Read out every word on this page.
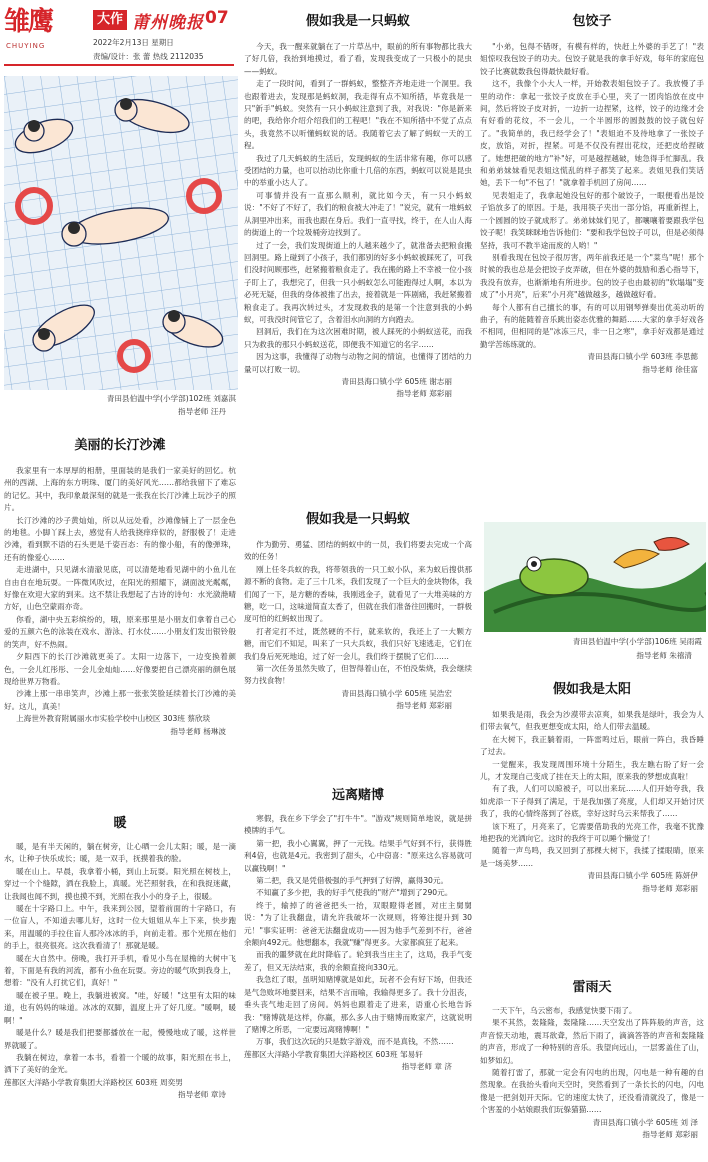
雏鹰
CHUYING
大作 莆州晚报 07
2022年2月13日 星期日
责编/设计：张 蕾 热线 2112035
青田县伯温中学(小学部)102班 刘嘉淇
指导老师 汪丹
美丽的长汀沙滩

我家里有一本厚厚的相册，里面装的是我们一家美好的回忆。杭州的西湖、上海的东方明珠、厦门的美好风光……都给我留下了难忘的记忆。其中，我印象最深刻的就是一张我在长汀沙滩上玩沙子的照片。

长汀沙滩的沙子黄灿灿，所以从远处看，沙滩像铺上了一层金色的地毯。小脚丫踩上去，感觉有人给我挠痒痒似的，舒服极了！走进沙滩，看到默不语的石头更是千姿百态：有的像小船，有的像弹珠，还有的像爱心……

走进湖中，只见湖水清澈见底，可以清楚地看见湖中的小鱼儿在自由自在地玩耍。一阵微风吹过，在阳光的照耀下，湖面波光粼粼，好像在欢迎大家的到来。这不禁让我想起了古诗的诗句：水光潋滟晴方好，山色空蒙雨亦奇。

你看，湖中央五彩缤纷的，哦，原来那里是小朋友们拿着自己心爱的五颜六色的泳装在戏水、游泳、打水仗……小朋友们发出银铃般的笑声，好不热闹。

夕阳西下的长汀沙滩就更美了。太阳一边落下，一边变换着颜色，一会儿红彤彤、一会儿金灿灿……好像要把自己漂亮丽的颜色展现给世界万物看。

沙滩上那一串串笑声，沙滩上那一张张笑脸延续着长汀沙滩的美好。这儿，真美！

上海世外教育附属丽水市实验学校中山校区 303班 蔡欣琰

指导老师 杨琳波

暖

暖，是有半天闲的，躺在树旁，让心晒一会儿太阳；暖，是一滴水，让种子快乐成长；暖，是一双手，抚摸着我的脸。

暖在山上。早晨，我拿着小桶，到山上玩耍。阳光照在树枝上，穿过一个个缝隙，洒在我脸上，真暖。光芒照射我，在和我捉迷藏，让我闻也闻不到，摸也摸不到，光照在我小小的身子上，很暖。

暖在十字路口上。中午，我来到公园，望着前面的十字路口，有一位盲人，不知道去哪儿好，这时一位大姐姐从车上下来，快步跑来，用温暖的手拉住盲人那冷冰冰的手，向前走着。那个光照在他们的手上，很亮很亮。这次我看清了！那就是暖。

暖在大自然中。傍晚，我打开手机，看见小鸟在屋檐的大树中飞着，下面是有我的河流，都有小鱼在玩耍。旁边的暖气吹到我身上，想着："没有人打扰它们，真好！"

暖在被子里。晚上，我躺进被窝。"哇，好暖！"这里有太阳的味道，也有妈妈的味道。冰冰的双脚，温度上升了好几度。"暖啊，暖啊！"

暖是什么？暖是我们把要都播放在一起，慢慢地成了暖，这样世界就暖了。

我躺在树边，拿着一本书，看着一个暖的故事，阳光照在书上，洒下了美好的金光。

莲都区大洋路小学教育集团大洋路校区 603班 周奕男

指导老师 章诗

假如我是一只蚂蚁

今天，我一醒来就躺在了一片草丛中，眼前的所有事物都比我大了好几倍，我抬到地摸过，看了看，发现我变成了一只极小的昆虫——蚂蚁。

走了一段时间，看到了一群蚂蚁，整整齐齐地走进一个洞里。我也跟着进去，发现那是蚂蚁洞，我走得有点不知所措，毕竟我是一只"新手"蚂蚁。突然有一只小蚂蚁注意到了我，对我说："你是新来的吧，我给你介绍介绍我们的工程吧！"我在不知所措中不觉了点点头，我竟然不以听懂蚂蚁说的话。我随着它去了解了蚂蚁一天的工程。

我过了几天蚂蚁的生活后，发现蚂蚁的生活非常有趣，你可以感受团结的力量，也可以抬动比你重十几倍的东西，蚂蚁可以说是昆虫中的举重小达人了。

可事情并没有一直那么顺利，就比如今天，有一只小蚂蚁说："不好了不好了，我们的粮食被大冲走了！"说完，就有一堆蚂蚁从洞里冲出来，而我也跟在身后。我们一直寻找，终于，在人山人海的街道上的一个垃圾桶旁边找到了。

过了一会，我们发现街道上的人越来越少了，就准备去把粮食搬回洞里。路上碰到了小孩子，我们都别的好多小蚂蚁被踩死了，可我们没时间顾那些，赶紧搬着粮食走了。我在搬的路上不幸被一位小孩子盯上了，我想完了，但我一只小蚂蚁怎么可能跑得过人啊，本以为必死无疑，但我的身体被推了出去，接着就是一阵剧痛，我赶紧搬着粮食走了。我再次转过头，才发现救我的是第一个注意到我的小蚂蚁，可我没时间管它了，含着泪水向洞的方向跑去。

回洞后，我们在为这次困难时期，被人踩死的小蚂蚁送花，而我只为救我的那只小蚂蚁送花，即便我不知道它的名字……

因为这事，我懂得了动物与动物之间的情谊，也懂得了团结的力量可以打败一切。

青田县海口镇小学 605班 谢志丽

指导老师 郑彩丽

假如我是一只蚂蚁

作为勤劳、勇猛、团结的蚂蚁中的一员，我们将要去完成一个高效的任务！

刚上任冬兵蚁的我，将带领我的一只工蚁小队，来为蚁后搜供那源不断的食物。走了三十几米，我们发现了一个巨大的金块物体，我们闻了一下，是方糖的香味，我刚逃金子，就看见了一大堆美味的方糖，吃一口，这味道简直太香了，但就在我们准备往回搬时，一群极度可怕的红蚂蚁出现了。

打者定打不过，既然硬的不行，就来软的，我还上了一大颗方糖，而它们不知足，叫来了一只大兵蚁，我们只好飞速逃走，它们在我们身后死死地追，过了好一会儿，我们终于摆脱了它们……

第一次任务虽然失败了，但智得着山在，不怕没柴烧，我会继续努力找食物！

青田县海口镇小学 605班 吴浩宏

指导老师 郑彩丽

远离赌博

寒假，我在乡下学会了"打牛牛"。"游戏"规则简单地说，就是拼模牌的手气。

第一把，我小心翼翼，押了一元钱。结果手气好到不行，获得胜利4倍，也就是4元。我密到了甜头，心中窃喜："原来这么容易就可以赢钱啊！"

第二把，我又是凭借极强的手气押到了好牌，赢得30元。

不知赢了多少把，我的好手气使我的"财产"增到了290元。

终于，输掉了的爸爸把头一抬，双眼瞪得老圆，对庄主舅舅说："为了让我翻盘，请允许我破坏一次规则，将筹注提升到 30元！"事实证明：爸爸无法翻盘成功——因为他手气差到不行，爸爸余额向492元。他想翻本，我就"赚"得更多。大家都疯狂了起来。

而我的噩梦就在此时降临了。轮到我当庄主了，这局，我手气变差了，但又无法结束，我的余额直接向330元。

我急红了眼，虽明知赌博就是如此，玩者不会有好下场，但我还是气急败坏地要回来，结果不言而喻，我输得更多了。我十分沮丧，垂头丧气地走回了房间。妈妈也跟着走了进来，语重心长地告诉我："赌博就是这样，你赢，那么多人由于赌博而败家产，这就说明了赌博之所恶，一定要远离赌博啊！"

万事，我们这次玩的只是数字游戏，而不是真钱，不然……

莲都区大洋路小学教育集团大洋路校区 603班 邹易轩

指导老师 章 济

包饺子

"小弟，包得不错呀，有模有样的，快赶上外婆的手艺了！"表姐惊叹我包饺子的功夫。包饺子就是我的拿手好戏，每年的家庭包饺子比赛就数我包得最快最好看。

这不，我像个小大人一样，开始教表姐包饺子了。我放慢了手里的动作：拿起一张饺子皮放在手心里，夹了一团肉馅放在皮中间，然后将饺子皮对折，一边折一边捏紧，这样，饺子的边缘才会有好看的花纹，不一会儿，一个半圆形的圆鼓鼓的饺子就包好了。"我简单的，我已经学会了！"表姐迫不及待地拿了一张饺子皮，放馅，对折，捏紧。可是不仅没有捏出花纹，还把皮给捏破了。她想把破的地方"补"好，可是越捏越破，她急得手忙脚乱。我和弟弟妹妹看见表姐这慌乱的样子都笑了起来。表姐见我们笑话她，丢下一句"不包了！"就拿着手机回了房间……

见表姐走了，我拿起她没包好的那个破饺子，一眼便看出是饺子馅放多了的原因。于是，我用筷子夹出一部分馅，再重新捏上，一个圆圆的饺子就成形了。弟弟妹妹们见了，都嚷嚷着要跟我学包饺子呢！我笑眯眯地告诉他们："要和我学包饺子可以，但是必须得坚持，我可不教半途而废的人哟！"

别看我现在包饺子很厉害，两年前我还是一个"菜鸟"呢！那个时候的我也总是会把饺子皮弄破，但在外婆的鼓励和悉心指导下，我没有放弃，也渐渐地有所进步。包的饺子也由最初的"软塌塌"变成了"小月亮"，后来"小月亮"越做越多，越做越好看。

每个人都有自己擅长的事，有的可以用钢琴弹奏出优美动听的曲子，有的能随着音乐跳出姿态优雅的舞蹈……大家的拿手好戏各不相同，但相同的是"冰冻三尺，非一日之寒"，拿手好戏都是通过勤学苦练练就的。

青田县海口镇小学 603班 李思懿

指导老师 徐佳富

青田县伯温中学(小学部)106班 吴雨霞
指导老师 朱禧清
假如我是太阳

如果我是雨，我会为沙漠带去凉爽，如果我是绿叶，我会为人们带去氧气，但我更想变成太阳，给人们带去温暖。

在大树下，我正躺着雨，一阵雷鸣过后，眼前一阵白，我昏睡了过去。

一觉醒来，我发现周围环境十分陌生，我左瞧右盼了好一会儿，才发现自己变成了挂在天上的太阳，原来我的梦想成真啦！

有了我，人们可以晾被子，可以出来玩……人们开始夸我，我如虎添一下子得到了满足，于是我加强了亮度，人们却又开始讨厌我了，我的心情终落到了谷底，幸好这时乌云来帮我了……

该下班了，月亮来了，它需要借助我的光亮工作，我毫不犹豫地把我的光洒向它。这时的我终于可以睡个懒觉了！

随着一声鸟鸣，我又回到了那棵大树下，我揉了揉眼睛，原来是一场美梦……

青田县海口镇小学 605班 陈妍伊

指导老师 郑彩丽

雷雨天

一天下午，乌云密布，我感觉快要下雨了。

果不其然，轰隆隆，轰隆隆……天空发出了阵阵般的声音，这声音惊天动地，震耳欲聋，然后下雨了，滴滴答答的声音和轰隆隆的声音，形成了一种特别的音乐。我望向远山，一层雾盖住了山，如梦如幻。

随着打雷了，那就一定会有闪电的出现，闪电是一种有趣的自然现象。在我抬头看向天空时，突然看到了一条长长的闪电，闪电像是一把剑划开天际。它的速度太快了，还没看清就没了，像是一个害羞的小姑娘跟我们玩躲猫猫……

青田县海口镇小学 605班 刘 泽

指导老师 郑彩丽
